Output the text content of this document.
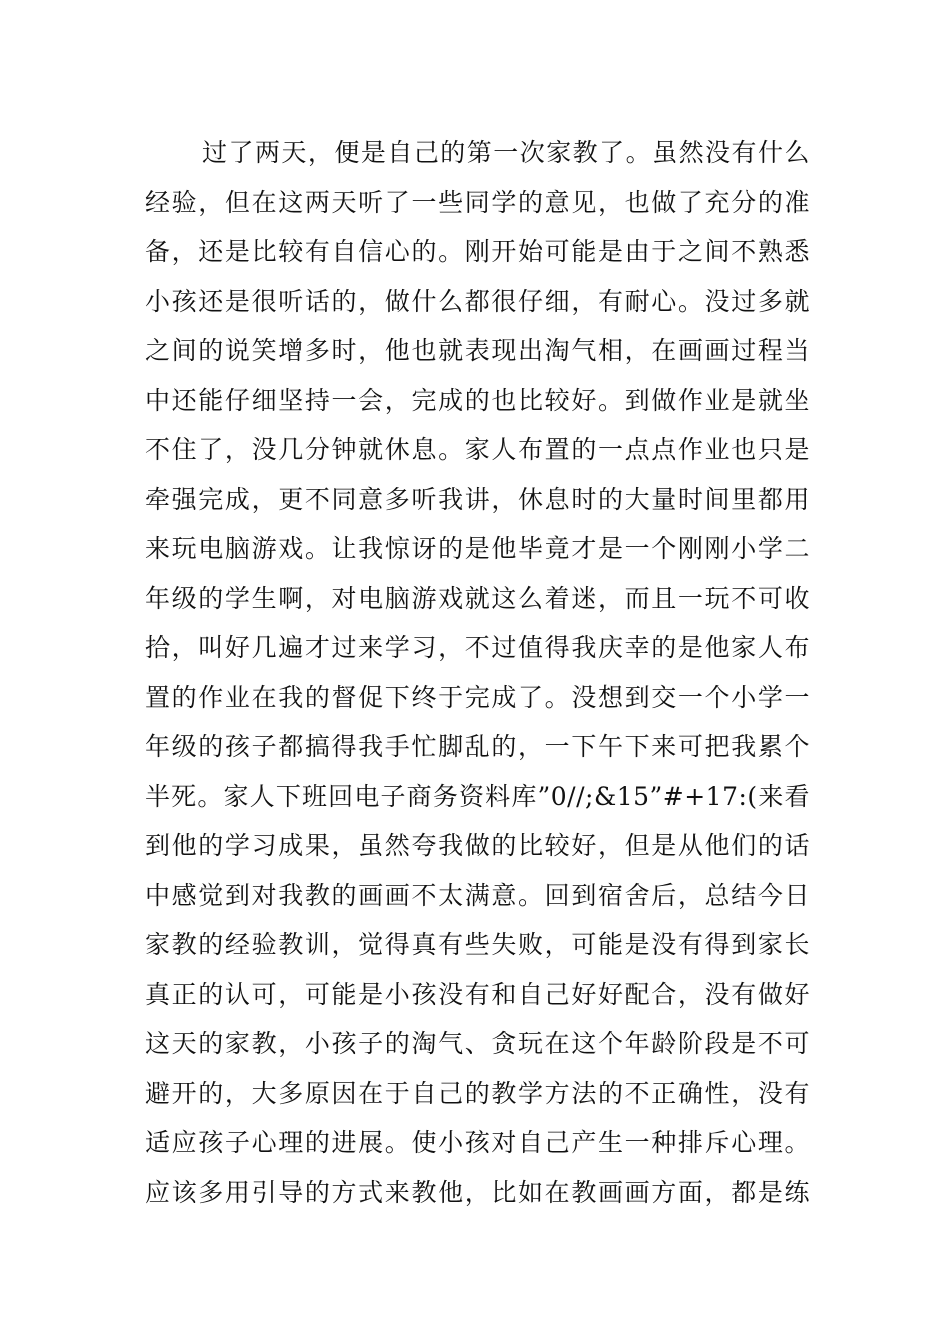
过了两天，便是自己的第一次家教了。虽然没有什么
经验，但在这两天听了一些同学的意见，也做了充分的准
备，还是比较有自信心的。刚开始可能是由于之间不熟悉
小孩还是很听话的，做什么都很仔细，有耐心。没过多就
之间的说笑增多时，他也就表现出淘气相，在画画过程当
中还能仔细坚持一会，完成的也比较好。到做作业是就坐
不住了，没几分钟就休息。家人布置的一点点作业也只是
牵强完成，更不同意多听我讲，休息时的大量时间里都用
来玩电脑游戏。让我惊讶的是他毕竟才是一个刚刚小学二
年级的学生啊，对电脑游戏就这么着迷，而且一玩不可收
拾，叫好几遍才过来学习，不过值得我庆幸的是他家人布
置的作业在我的督促下终于完成了。没想到交一个小学一
年级的孩子都搞得我手忙脚乱的，一下午下来可把我累个
半死。家人下班回电子商务资料库”0//;&15”#+17:(来看
到他的学习成果，虽然夸我做的比较好，但是从他们的话
中感觉到对我教的画画不太满意。回到宿舍后，总结今日
家教的经验教训，觉得真有些失败，可能是没有得到家长
真正的认可，可能是小孩没有和自己好好配合，没有做好
这天的家教，小孩子的淘气、贪玩在这个年龄阶段是不可
避开的，大多原因在于自己的教学方法的不正确性，没有
适应孩子心理的进展。使小孩对自己产生一种排斥心理。
应该多用引导的方式来教他，比如在教画画方面，都是练
